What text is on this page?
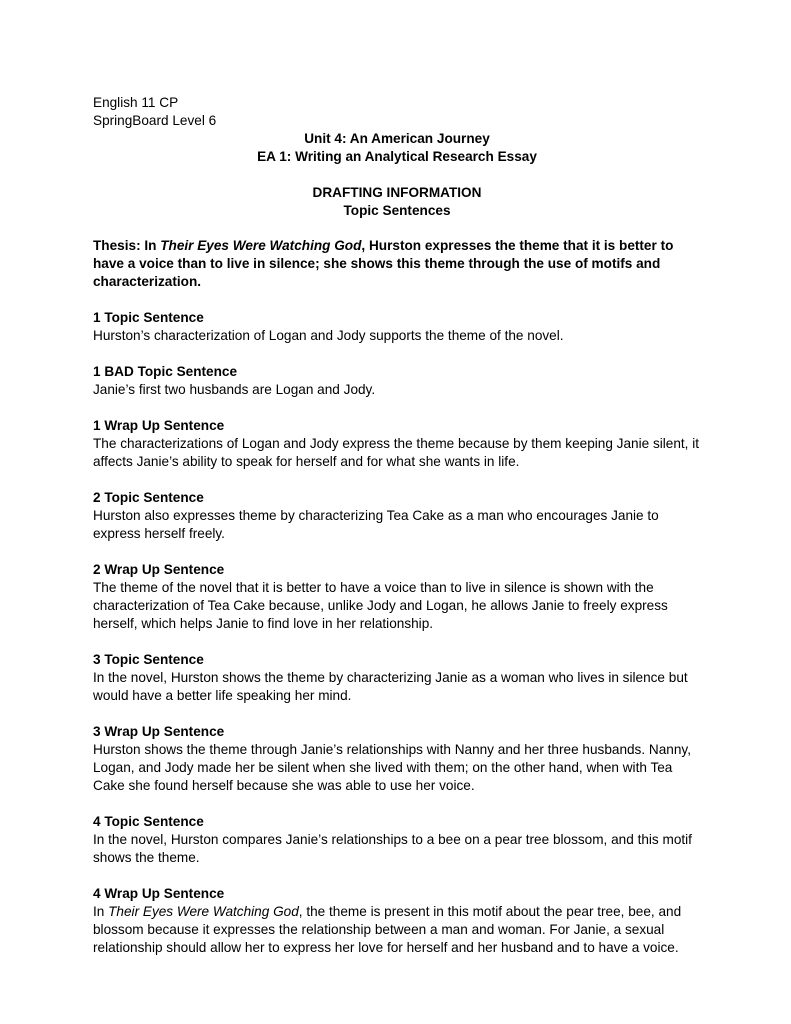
English 11 CP
SpringBoard Level 6
Unit 4: An American Journey
EA 1: Writing an Analytical Research Essay
DRAFTING INFORMATION
Topic Sentences
Thesis: In Their Eyes Were Watching God, Hurston expresses the theme that it is better to have a voice than to live in silence; she shows this theme through the use of motifs and characterization.
1 Topic Sentence
Hurston’s characterization of Logan and Jody supports the theme of the novel.
1 BAD Topic Sentence
Janie’s first two husbands are Logan and Jody.
1 Wrap Up Sentence
The characterizations of Logan and Jody express the theme because by them keeping Janie silent, it affects Janie’s ability to speak for herself and for what she wants in life.
2 Topic Sentence
Hurston also expresses theme by characterizing Tea Cake as a man who encourages Janie to express herself freely.
2 Wrap Up Sentence
The theme of the novel that it is better to have a voice than to live in silence is shown with the characterization of Tea Cake because, unlike Jody and Logan, he allows Janie to freely express herself, which helps Janie to find love in her relationship.
3 Topic Sentence
In the novel, Hurston shows the theme by characterizing Janie as a woman who lives in silence but would have a better life speaking her mind.
3 Wrap Up Sentence
Hurston shows the theme through Janie’s relationships with Nanny and her three husbands. Nanny, Logan, and Jody made her be silent when she lived with them; on the other hand, when with Tea Cake she found herself because she was able to use her voice.
4 Topic Sentence
In the novel, Hurston compares Janie’s relationships to a bee on a pear tree blossom, and this motif shows the theme.
4 Wrap Up Sentence
In Their Eyes Were Watching God, the theme is present in this motif about the pear tree, bee, and blossom because it expresses the relationship between a man and woman. For Janie, a sexual relationship should allow her to express her love for herself and her husband and to have a voice.
